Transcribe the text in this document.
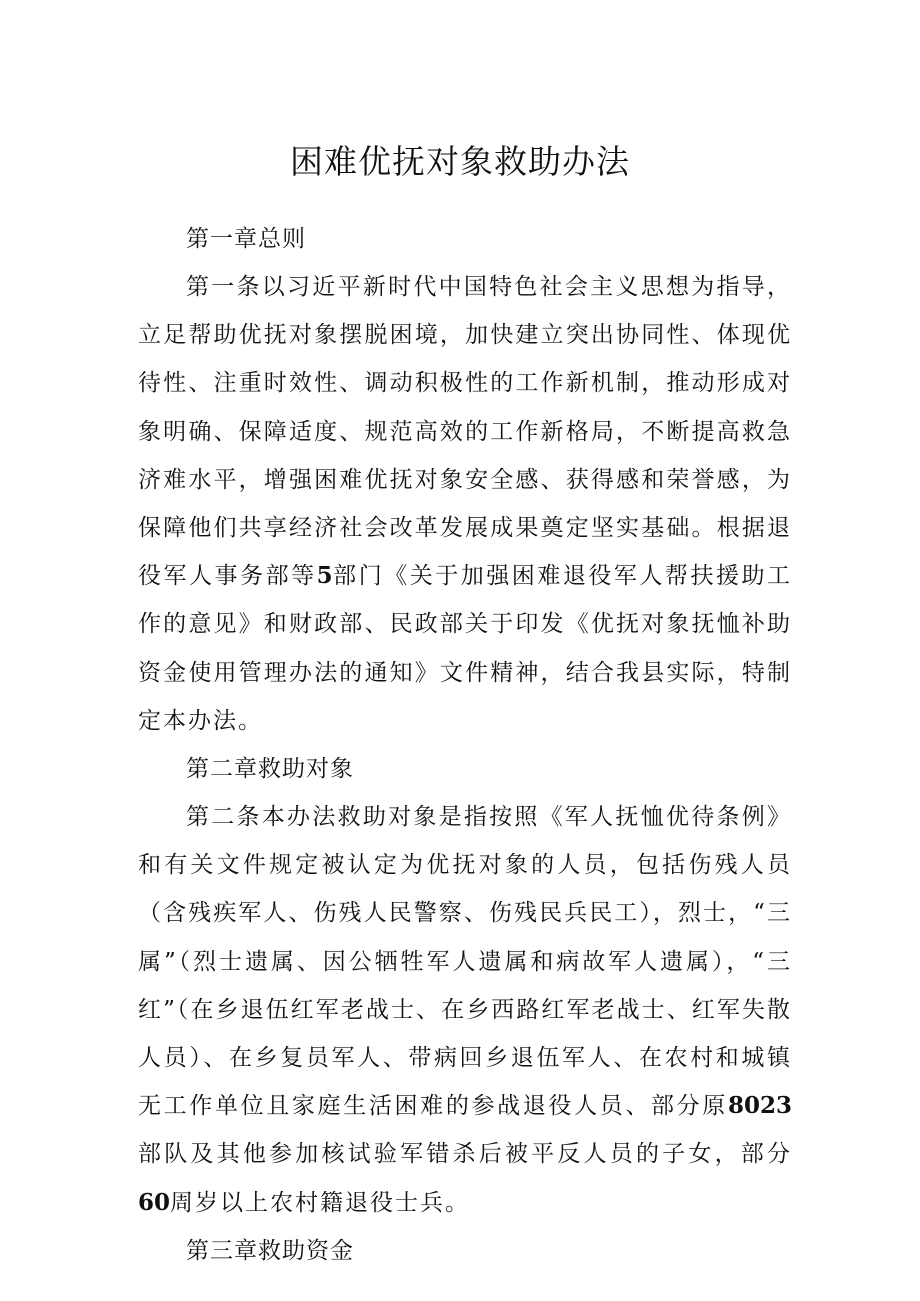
困难优抚对象救助办法

第一章总则

第一条以习近平新时代中国特色社会主义思想为指导，立足帮助优抚对象摆脱困境，加快建立突出协同性、体现优待性、注重时效性、调动积极性的工作新机制，推动形成对象明确、保障适度、规范高效的工作新格局，不断提高救急济难水平，增强困难优抚对象安全感、获得感和荣誉感，为保障他们共享经济社会改革发展成果奠定坚实基础。根据退役军人事务部等5部门《关于加强困难退役军人帮扶援助工作的意见》和财政部、民政部关于印发《优抚对象抚恤补助资金使用管理办法的通知》文件精神，结合我县实际，特制定本办法。

第二章救助对象

第二条本办法救助对象是指按照《军人抚恤优待条例》和有关文件规定被认定为优抚对象的人员，包括伤残人员（含残疾军人、伤残人民警察、伤残民兵民工），烈士，“三属”（烈士遗属、因公牺牲军人遗属和病故军人遗属），“三红”（在乡退伍红军老战士、在乡西路红军老战士、红军失散人员）、在乡复员军人、带病回乡退伍军人、在农村和城镇无工作单位且家庭生活困难的参战退役人员、部分原8023部队及其他参加核试验军错杀后被平反人员的子女，部分60周岁以上农村籍退役士兵。

第三章救助资金
